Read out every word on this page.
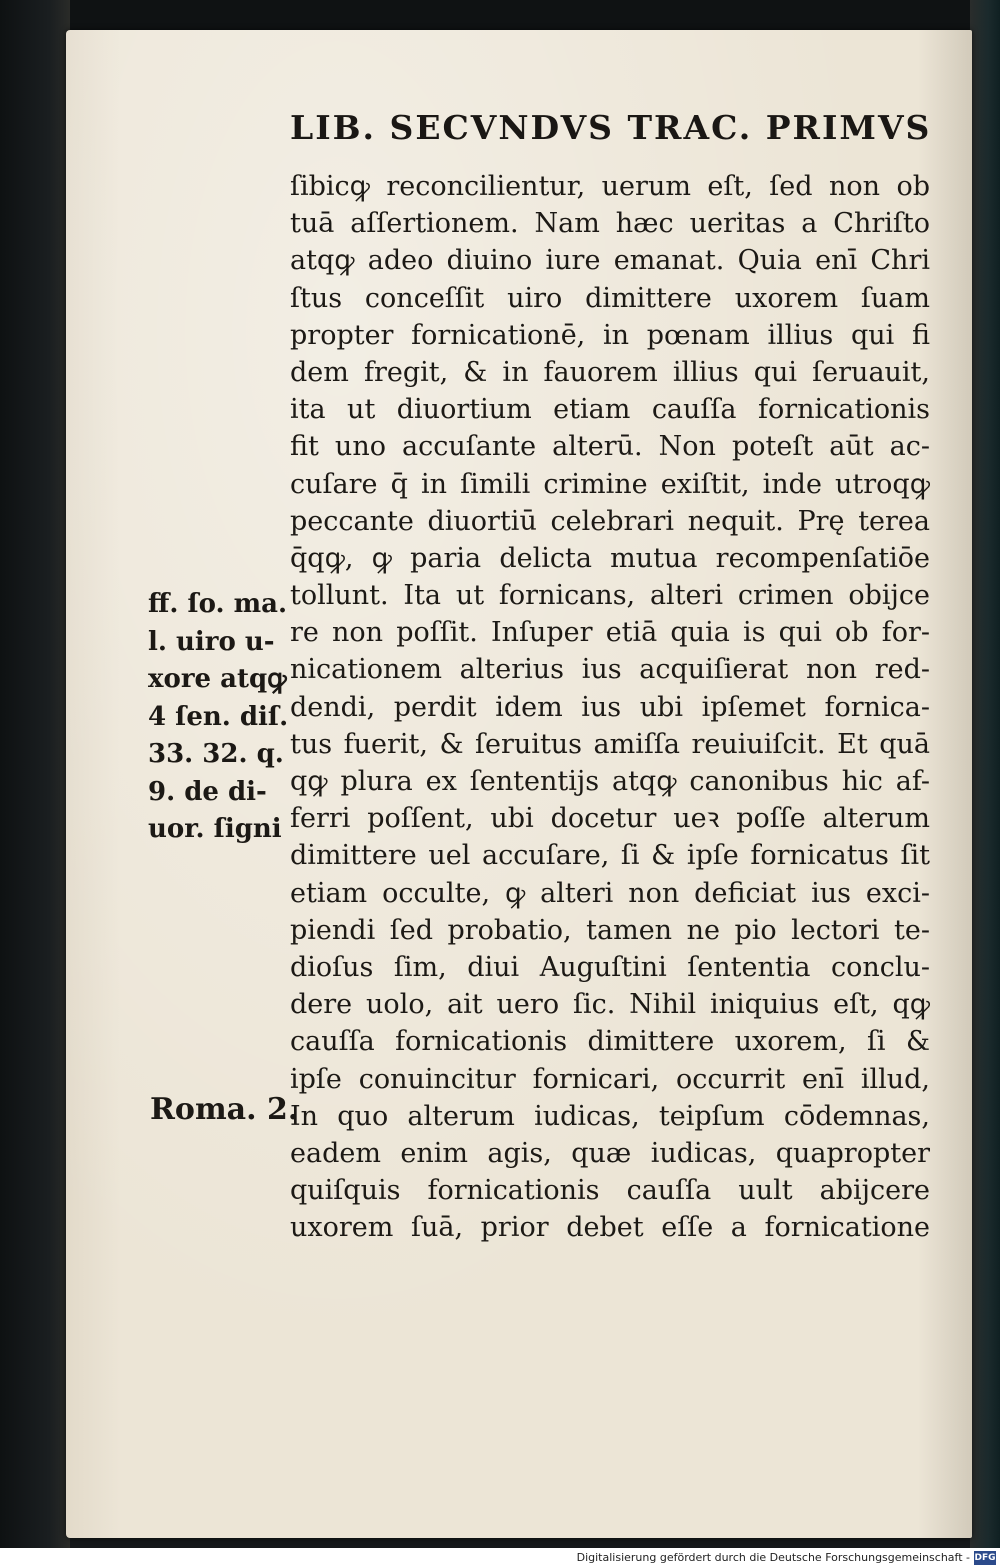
LIB. SECVNDVS TRAC. PRIMVS
ſibicꝙ reconcilientur, uerum eſt, ſed non ob
tuā aſſertionem. Nam hæc ueritas a Chriſto
atqꝙ adeo diuino iure emanat. Quia enī Chri
ſtus conceſſit uiro dimittere uxorem ſuam
propter fornicationē, in pœnam illius qui fi
dem fregit, & in fauorem illius qui ſeruauit,
ita ut diuortium etiam cauſſa fornicationis
fit uno accuſante alterū. Non poteſt aūt ac-
cuſare q̄ in ſimili crimine exiſtit, inde utroqꝙ
peccante diuortiū celebrari nequit. Prę terea
q̄qꝙ, ꝙ paria delicta mutua recompenſatiōe
tollunt. Ita ut fornicans, alteri crimen obijce
re non poſſit. Inſuper etiā quia is qui ob for-
nicationem alterius ius acquiſierat non red-
dendi, perdit idem ius ubi ipſemet fornica-
tus fuerit, & ſeruitus amiſſa reuiuiſcit. Et quā
qꝙ plura ex ſententijs atqꝙ canonibus hic af-
ferri poſſent, ubi docetur ueꝛ poſſe alterum
dimittere uel accuſare, ſi & ipſe fornicatus ſit
etiam occulte, ꝙ alteri non deficiat ius exci-
piendi ſed probatio, tamen ne pio lectori te-
dioſus ſim, diui Auguſtini ſententia conclu-
dere uolo, ait uero ſic. Nihil iniquius eſt, qꝙ
cauſſa fornicationis dimittere uxorem, ſi &
ipſe conuincitur fornicari, occurrit enī illud,
In quo alterum iudicas, teipſum cōdemnas,
eadem enim agis, quæ iudicas, quapropter
quiſquis fornicationis cauſſa uult abijcere
uxorem ſuā, prior debet eſſe a fornicatione
ff. ſo. ma.
l. uiro u-
xore atqꝙ
4 ſen. diſ.
33. 32. q.
9. de di-
uor. ſigni
Roma. 2.
Digitalisierung gefördert durch die Deutsche Forschungsgemeinschaft - DFG
